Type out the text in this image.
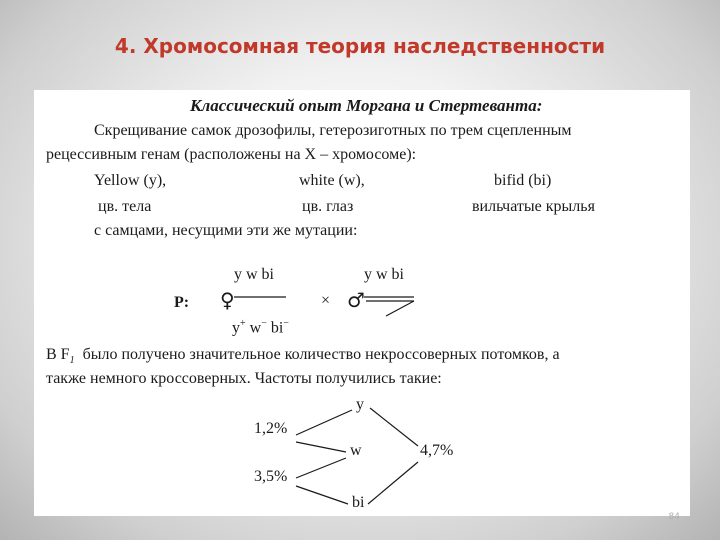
4. Хромосомная теория наследственности
Классический опыт Моргана и Стертеванта:
Скрещивание самок дрозофилы, гетерозиготных по трем сцепленным
рецессивным генам (расположены на Х – хромосоме):
Yellow (y),	white (w),	bifid (bi)
цв. тела	цв. глаз	вильчатые крылья
с самцами, несущими эти же мутации:
y w bi	y w bi
P: ♀	× ♂
y+ w− bi−
В $F_1$ было получено значительное количество некроссоверных потомков, а
также немного кроссоверных. Частоты получились такие:
y
1,2%
w	4,7%
3,5%
bi
84
